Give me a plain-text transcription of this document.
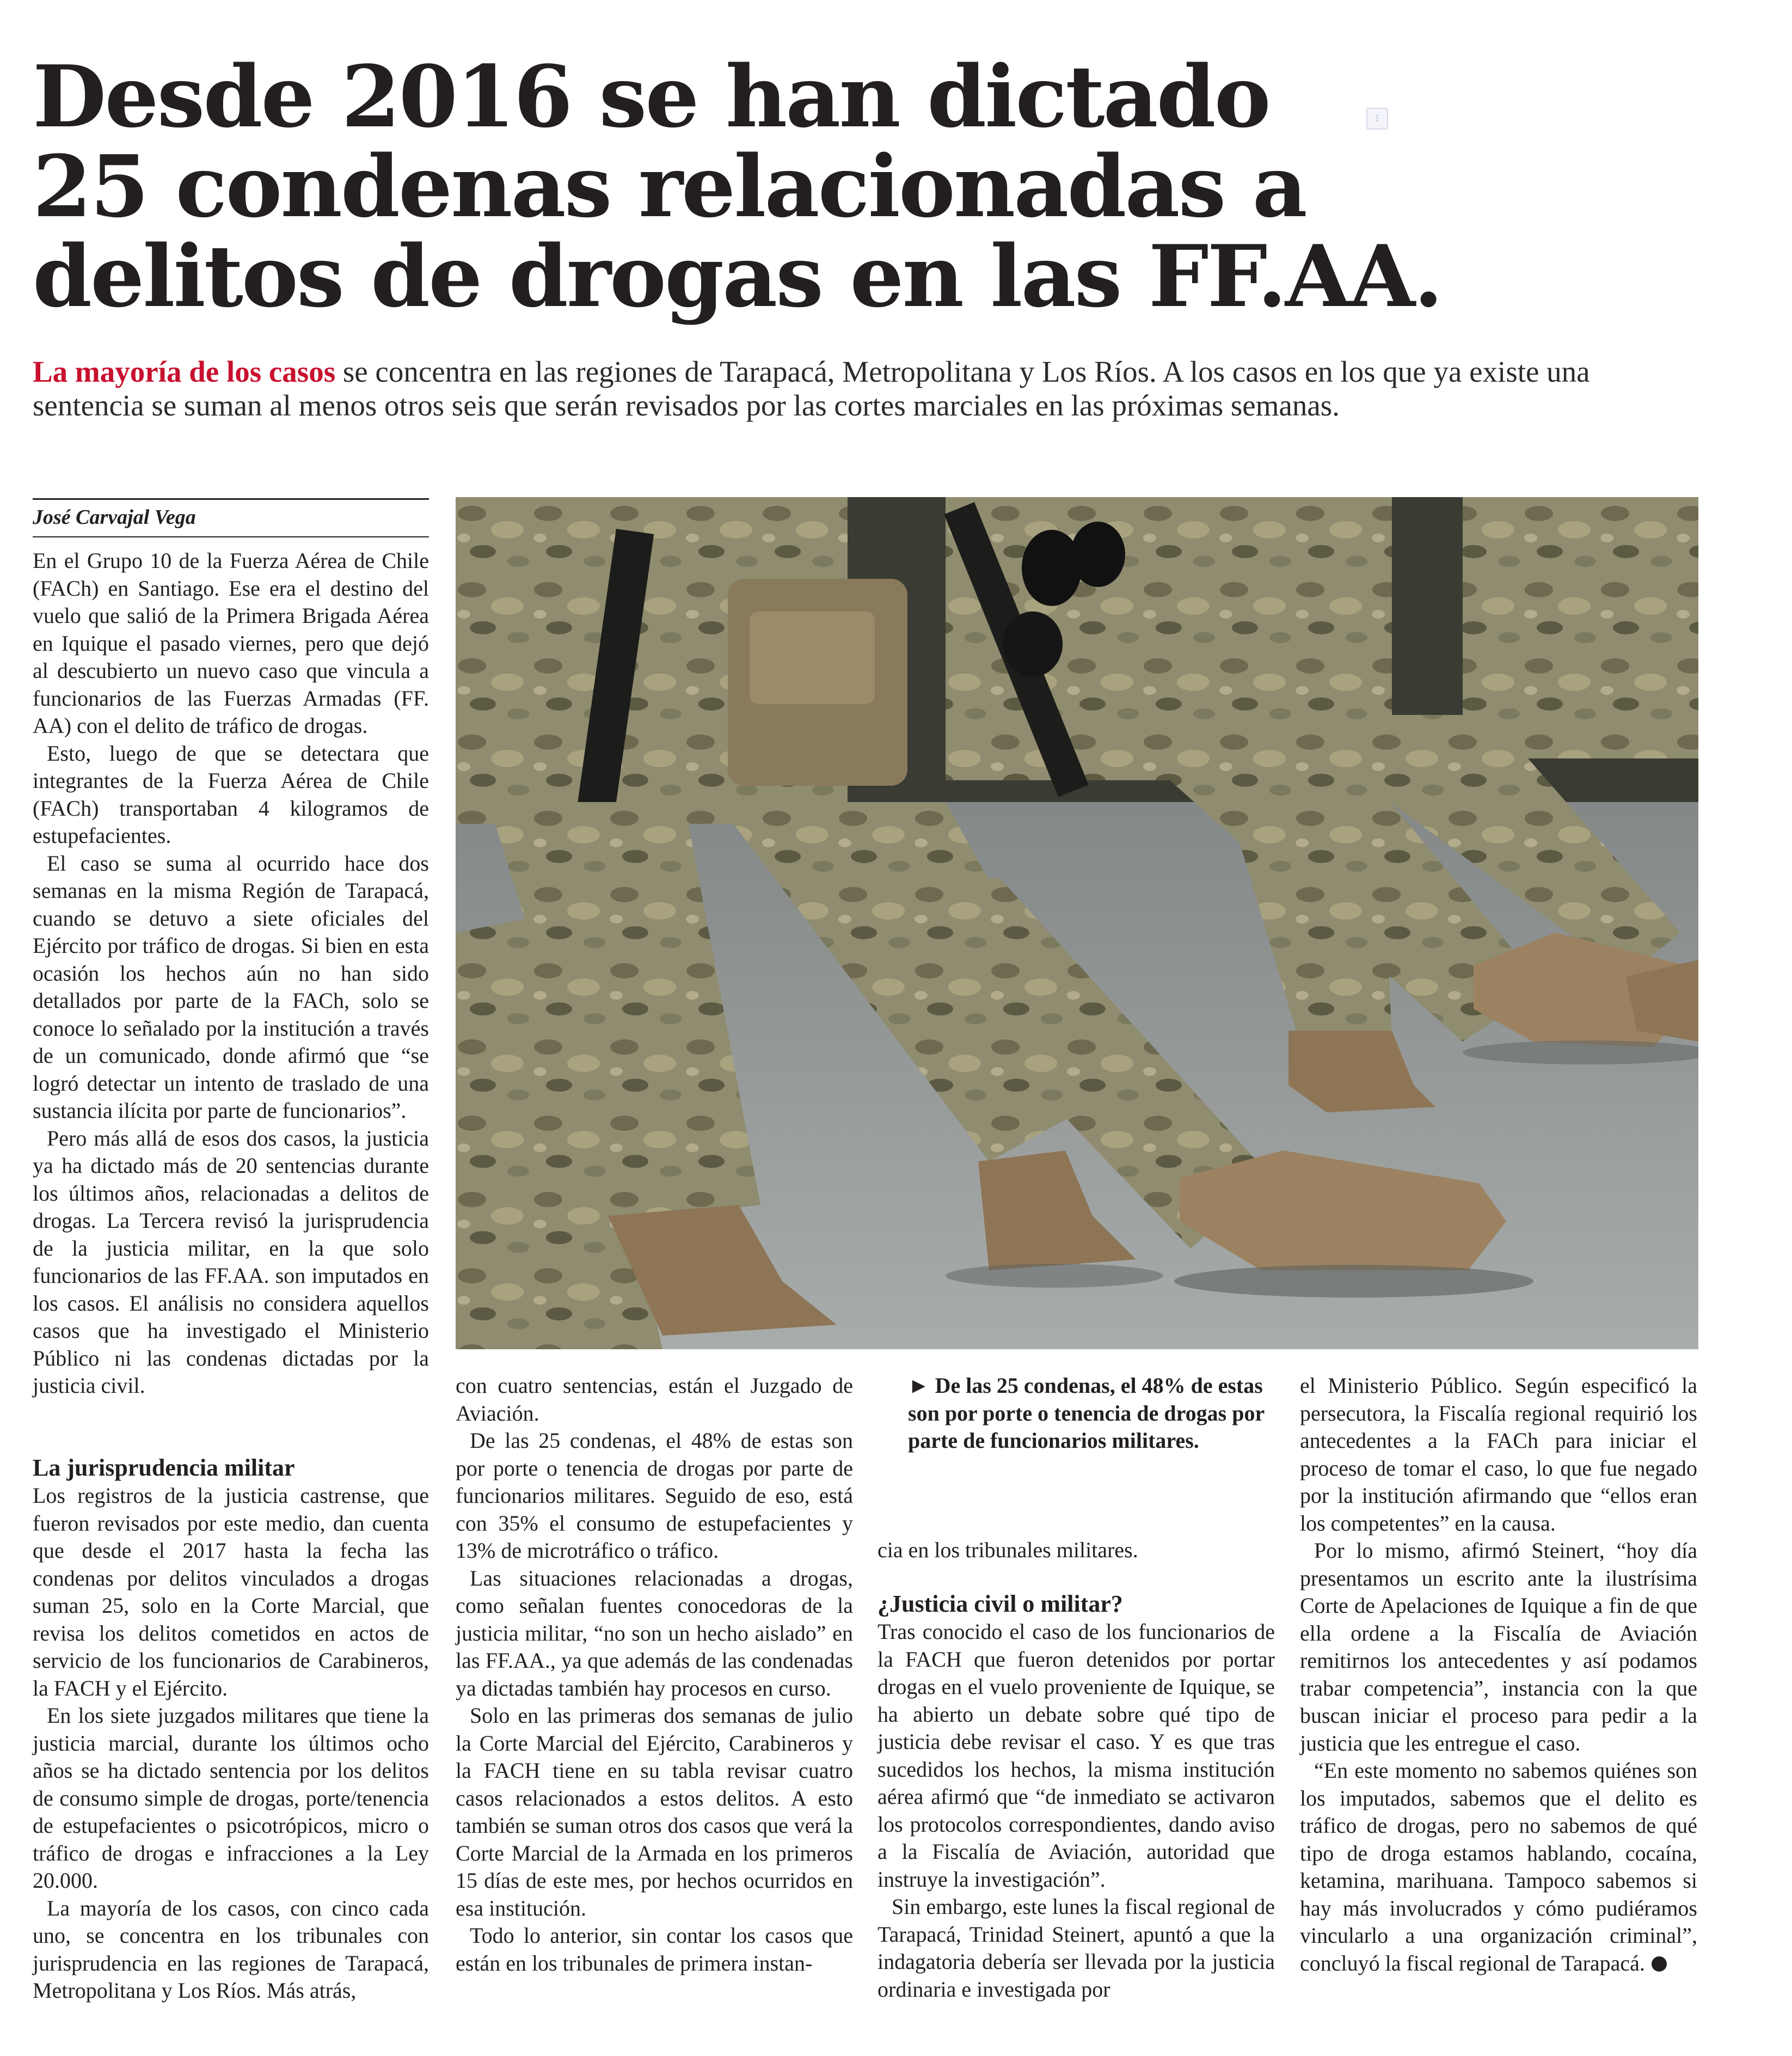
Desde 2016 se han dictado
25 condenas relacionadas a
delitos de drogas en las FF.AA.
⁝

La mayoría de los casos se concentra en las regiones de Tarapacá, Metropolitana y Los Ríos. A los casos en los que ya existe una sentencia se suman al menos otros seis que serán revisados por las cortes marciales en las próximas semanas.

José Carvajal Vega

En el Grupo 10 de la Fuerza Aérea de Chile (FACh) en Santiago. Ese era el destino del vuelo que salió de la Primera Brigada Aérea en Iquique el pasado viernes, pero que dejó al descubierto un nuevo caso que vincula a funcionarios de las Fuerzas Armadas (FF. AA) con el delito de tráfico de drogas.

Esto, luego de que se detectara que integrantes de la Fuerza Aérea de Chile (FACh) transportaban 4 kilogramos de estupefacientes.

El caso se suma al ocurrido hace dos semanas en la misma Región de Tarapacá, cuando se detuvo a siete oficiales del Ejército por tráfico de drogas. Si bien en esta ocasión los hechos aún no han sido detallados por parte de la FACh, solo se conoce lo señalado por la institución a través de un comunicado, donde afirmó que “se logró detectar un intento de traslado de una sustancia ilícita por parte de funcionarios”.

Pero más allá de esos dos casos, la justicia ya ha dictado más de 20 sentencias durante los últimos años, relacionadas a delitos de drogas. La Tercera revisó la jurisprudencia de la justicia militar, en la que solo funcionarios de las FF.AA. son imputados en los casos. El análisis no considera aquellos casos que ha investigado el Ministerio Público ni las condenas dictadas por la justicia civil.

La jurisprudencia militar

Los registros de la justicia castrense, que fueron revisados por este medio, dan cuenta que desde el 2017 hasta la fecha las condenas por delitos vinculados a drogas suman 25, solo en la Corte Marcial, que revisa los delitos cometidos en actos de servicio de los funcionarios de Carabineros, la FACH y el Ejército.

En los siete juzgados militares que tiene la justicia marcial, durante los últimos ocho años se ha dictado sentencia por los delitos de consumo simple de drogas, porte/tenencia de estupefacientes o psicotrópicos, micro o tráfico de drogas e infracciones a la Ley 20.000.

La mayoría de los casos, con cinco cada uno, se concentra en los tribunales con jurisprudencia en las regiones de Tarapacá, Metropolitana y Los Ríos. Más atrás,

con cuatro sentencias, están el Juzgado de Aviación.

De las 25 condenas, el 48% de estas son por porte o tenencia de drogas por parte de funcionarios militares. Seguido de eso, está con 35% el consumo de estupefacientes y 13% de microtráfico o tráfico.

Las situaciones relacionadas a drogas, como señalan fuentes conocedoras de la justicia militar, “no son un hecho aislado” en las FF.AA., ya que además de las condenadas ya dictadas también hay procesos en curso.

Solo en las primeras dos semanas de julio la Corte Marcial del Ejército, Carabineros y la FACH tiene en su tabla revisar cuatro casos relacionados a estos delitos. A esto también se suman otros dos casos que verá la Corte Marcial de la Armada en los primeros 15 días de este mes, por hechos ocurridos en esa institución.

Todo lo anterior, sin contar los casos que están en los tribunales de primera instan-

► De las 25 condenas, el 48% de estas son por porte o tenencia de drogas por parte de funcionarios militares.
cia en los tribunales militares.
¿Justicia civil o militar?

Tras conocido el caso de los funcionarios de la FACH que fueron detenidos por portar drogas en el vuelo proveniente de Iquique, se ha abierto un debate sobre qué tipo de justicia debe revisar el caso. Y es que tras sucedidos los hechos, la misma institución aérea afirmó que “de inmediato se activaron los protocolos correspondientes, dando aviso a la Fiscalía de Aviación, autoridad que instruye la investigación”.

Sin embargo, este lunes la fiscal regional de Tarapacá, Trinidad Steinert, apuntó a que la indagatoria debería ser llevada por la justicia ordinaria e investigada por

el Ministerio Público. Según especificó la persecutora, la Fiscalía regional requirió los antecedentes a la FACh para iniciar el proceso de tomar el caso, lo que fue negado por la institución afirmando que “ellos eran los competentes” en la causa.

Por lo mismo, afirmó Steinert, “hoy día presentamos un escrito ante la ilustrísima Corte de Apelaciones de Iquique a fin de que ella ordene a la Fiscalía de Aviación remitirnos los antecedentes y así podamos trabar competencia”, instancia con la que buscan iniciar el proceso para pedir a la justicia que les entregue el caso.

“En este momento no sabemos quiénes son los imputados, sabemos que el delito es tráfico de drogas, pero no sabemos de qué tipo de droga estamos hablando, cocaína, ketamina, marihuana. Tampoco sabemos si hay más involucrados y cómo pudiéramos vincularlo a una organización criminal”, concluyó la fiscal regional de Tarapacá.
